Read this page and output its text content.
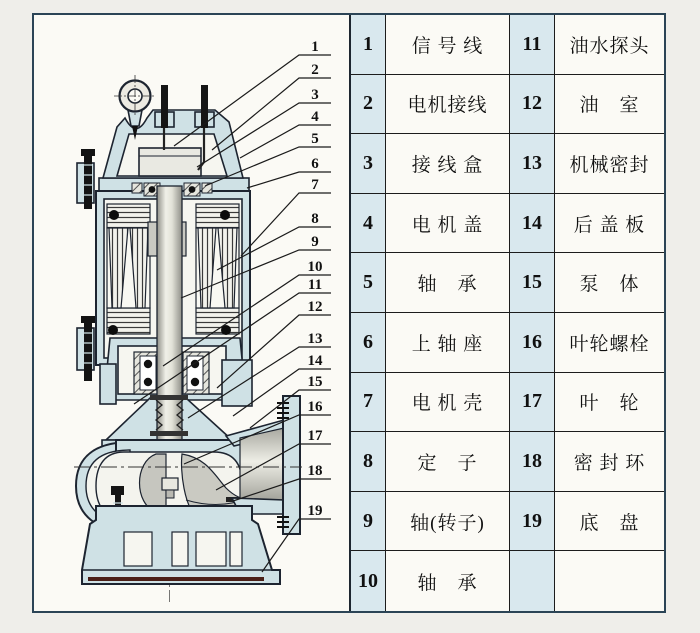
1	信 号 线	11	油水探头
2	电机接线	12	油　室
3	接 线 盒	13	机械密封
4	电 机 盖	14	后 盖 板
5	轴　承	15	泵　体
6	上 轴 座	16	叶轮螺栓
7	电 机 壳	17	叶　轮
8	定　子	18	密 封 环
9	轴(转子)	19	底　盘
10	轴　承
1
2
3
4
5
6
7
8
9
10
11
12
13
14
15
16
17
18
19
